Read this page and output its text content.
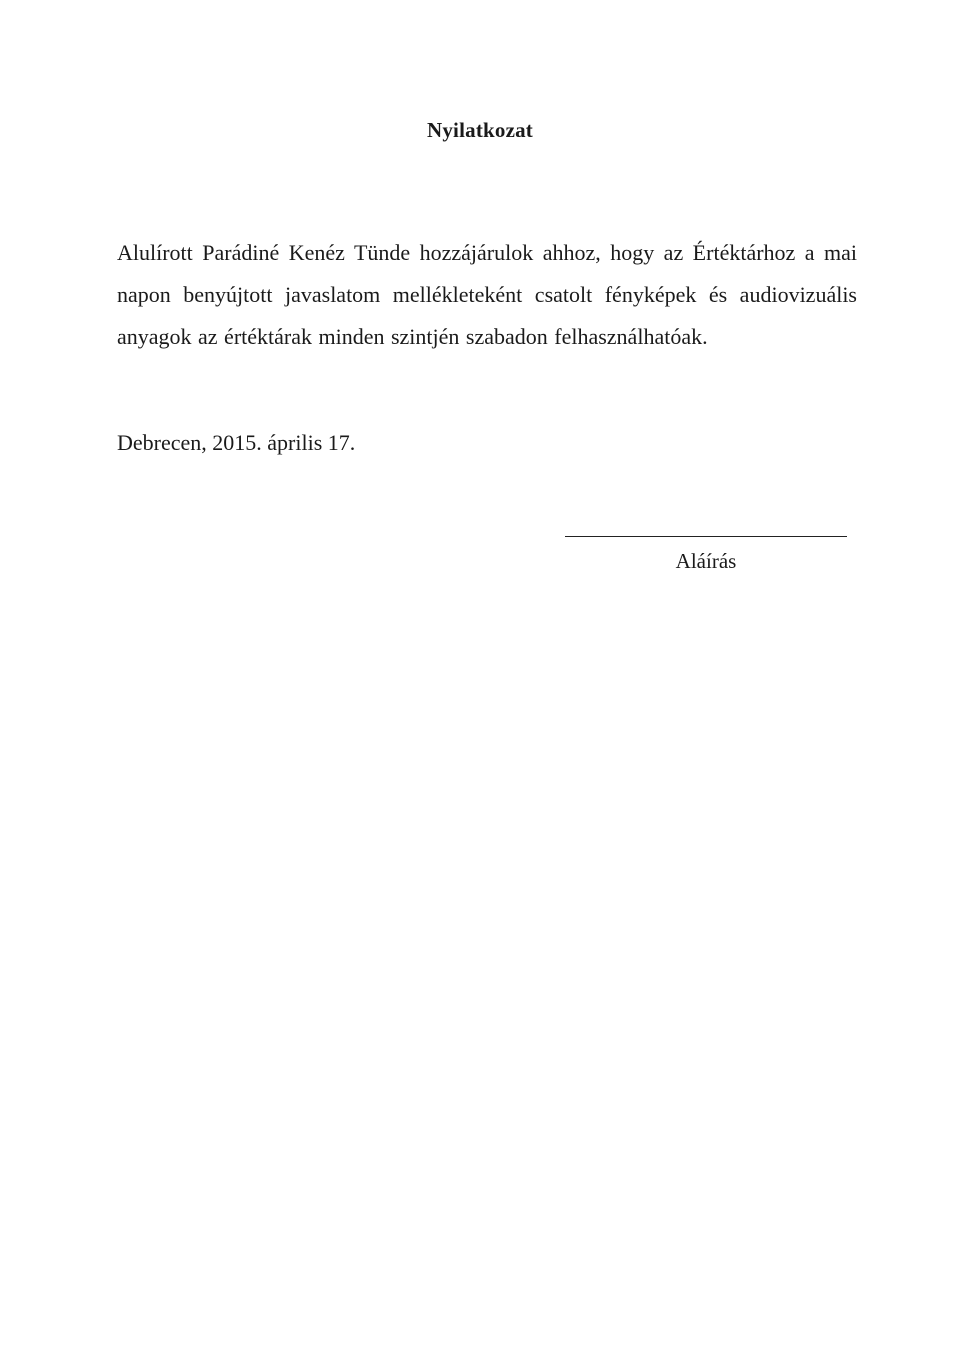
Nyilatkozat
Alulírott Parádiné Kenéz Tünde hozzájárulok ahhoz, hogy az Értéktárhoz a mai
napon benyújtott javaslatom mellékleteként csatolt fényképek és audiovizuális
anyagok az értéktárak minden szintjén szabadon felhasználhatóak.
Debrecen, 2015. április 17.
Aláírás
